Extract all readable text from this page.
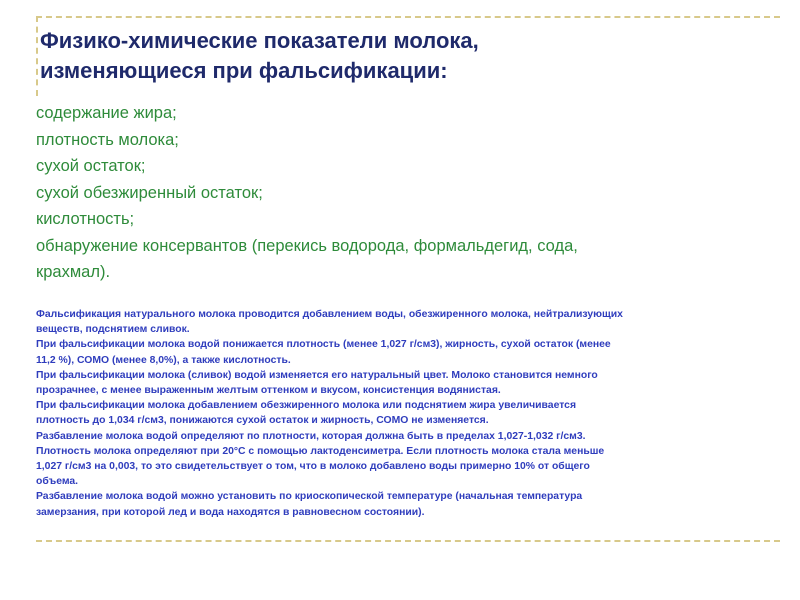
Физико-химические показатели молока,
изменяющиеся при фальсификации:
содержание жира;
плотность молока;
сухой остаток;
сухой обезжиренный остаток;
кислотность;
обнаружение консервантов (перекись водорода, формальдегид, сода,
крахмал).
Фальсификация натурального молока проводится добавлением воды, обезжиренного молока, нейтрализующих
веществ, подснятием сливок.
При фальсификации молока водой понижается плотность (менее 1,027 г/см3), жирность, сухой остаток (менее
11,2 %), СОМО (менее 8,0%), а также кислотность.
При фальсификации молока (сливок) водой изменяется его натуральный цвет. Молоко становится немного
прозрачнее, с менее выраженным желтым оттенком и вкусом, консистенция водянистая.
При фальсификации молока добавлением обезжиренного молока или подснятием жира увеличивается
плотность до 1,034 г/см3, понижаются сухой остаток и жирность, СОМО не изменяется.
Разбавление молока водой определяют по плотности, которая должна быть в пределах 1,027-1,032 г/см3.
Плотность молока определяют при 20°С с помощью лактоденсиметра. Если плотность молока стала меньше
1,027 г/см3 на 0,003, то это свидетельствует о том, что в молоко добавлено воды примерно 10% от общего
объема.
Разбавление молока водой можно установить по криоскопической температуре (начальная температура
замерзания, при которой лед и вода находятся в равновесном состоянии).
